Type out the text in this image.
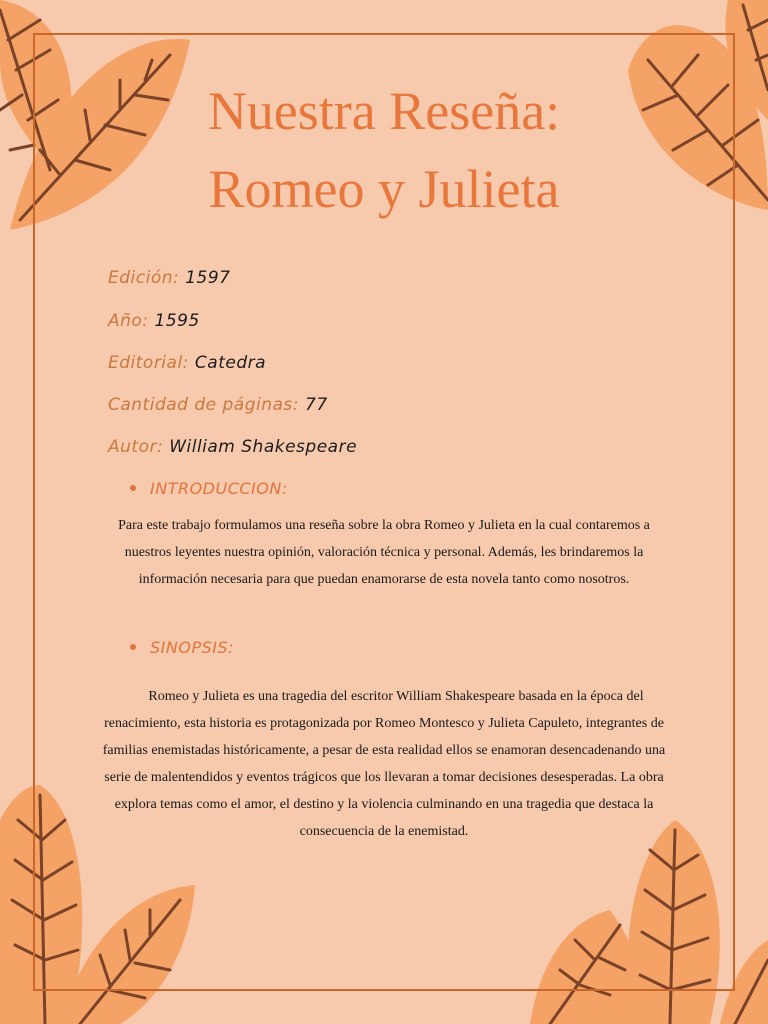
Nuestra Reseña:
Romeo y Julieta
Edición: 1597
Año: 1595
Editorial: Catedra
Cantidad de páginas: 77
Autor: William Shakespeare
INTRODUCCION:
Para este trabajo formulamos una reseña sobre la obra Romeo y Julieta en la cual contaremos a nuestros leyentes nuestra opinión, valoración técnica y personal. Además, les brindaremos la información necesaria para que puedan enamorarse de esta novela tanto como nosotros.
SINOPSIS:
Romeo y Julieta es una tragedia del escritor William Shakespeare basada en la época del renacimiento, esta historia es protagonizada por Romeo Montesco y Julieta Capuleto, integrantes de familias enemistadas históricamente, a pesar de esta realidad ellos se enamoran desencadenando una serie de malentendidos y eventos trágicos que los llevaran a tomar decisiones desesperadas. La obra explora temas como el amor, el destino y la violencia culminando en una tragedia que destaca la consecuencia de la enemistad.
